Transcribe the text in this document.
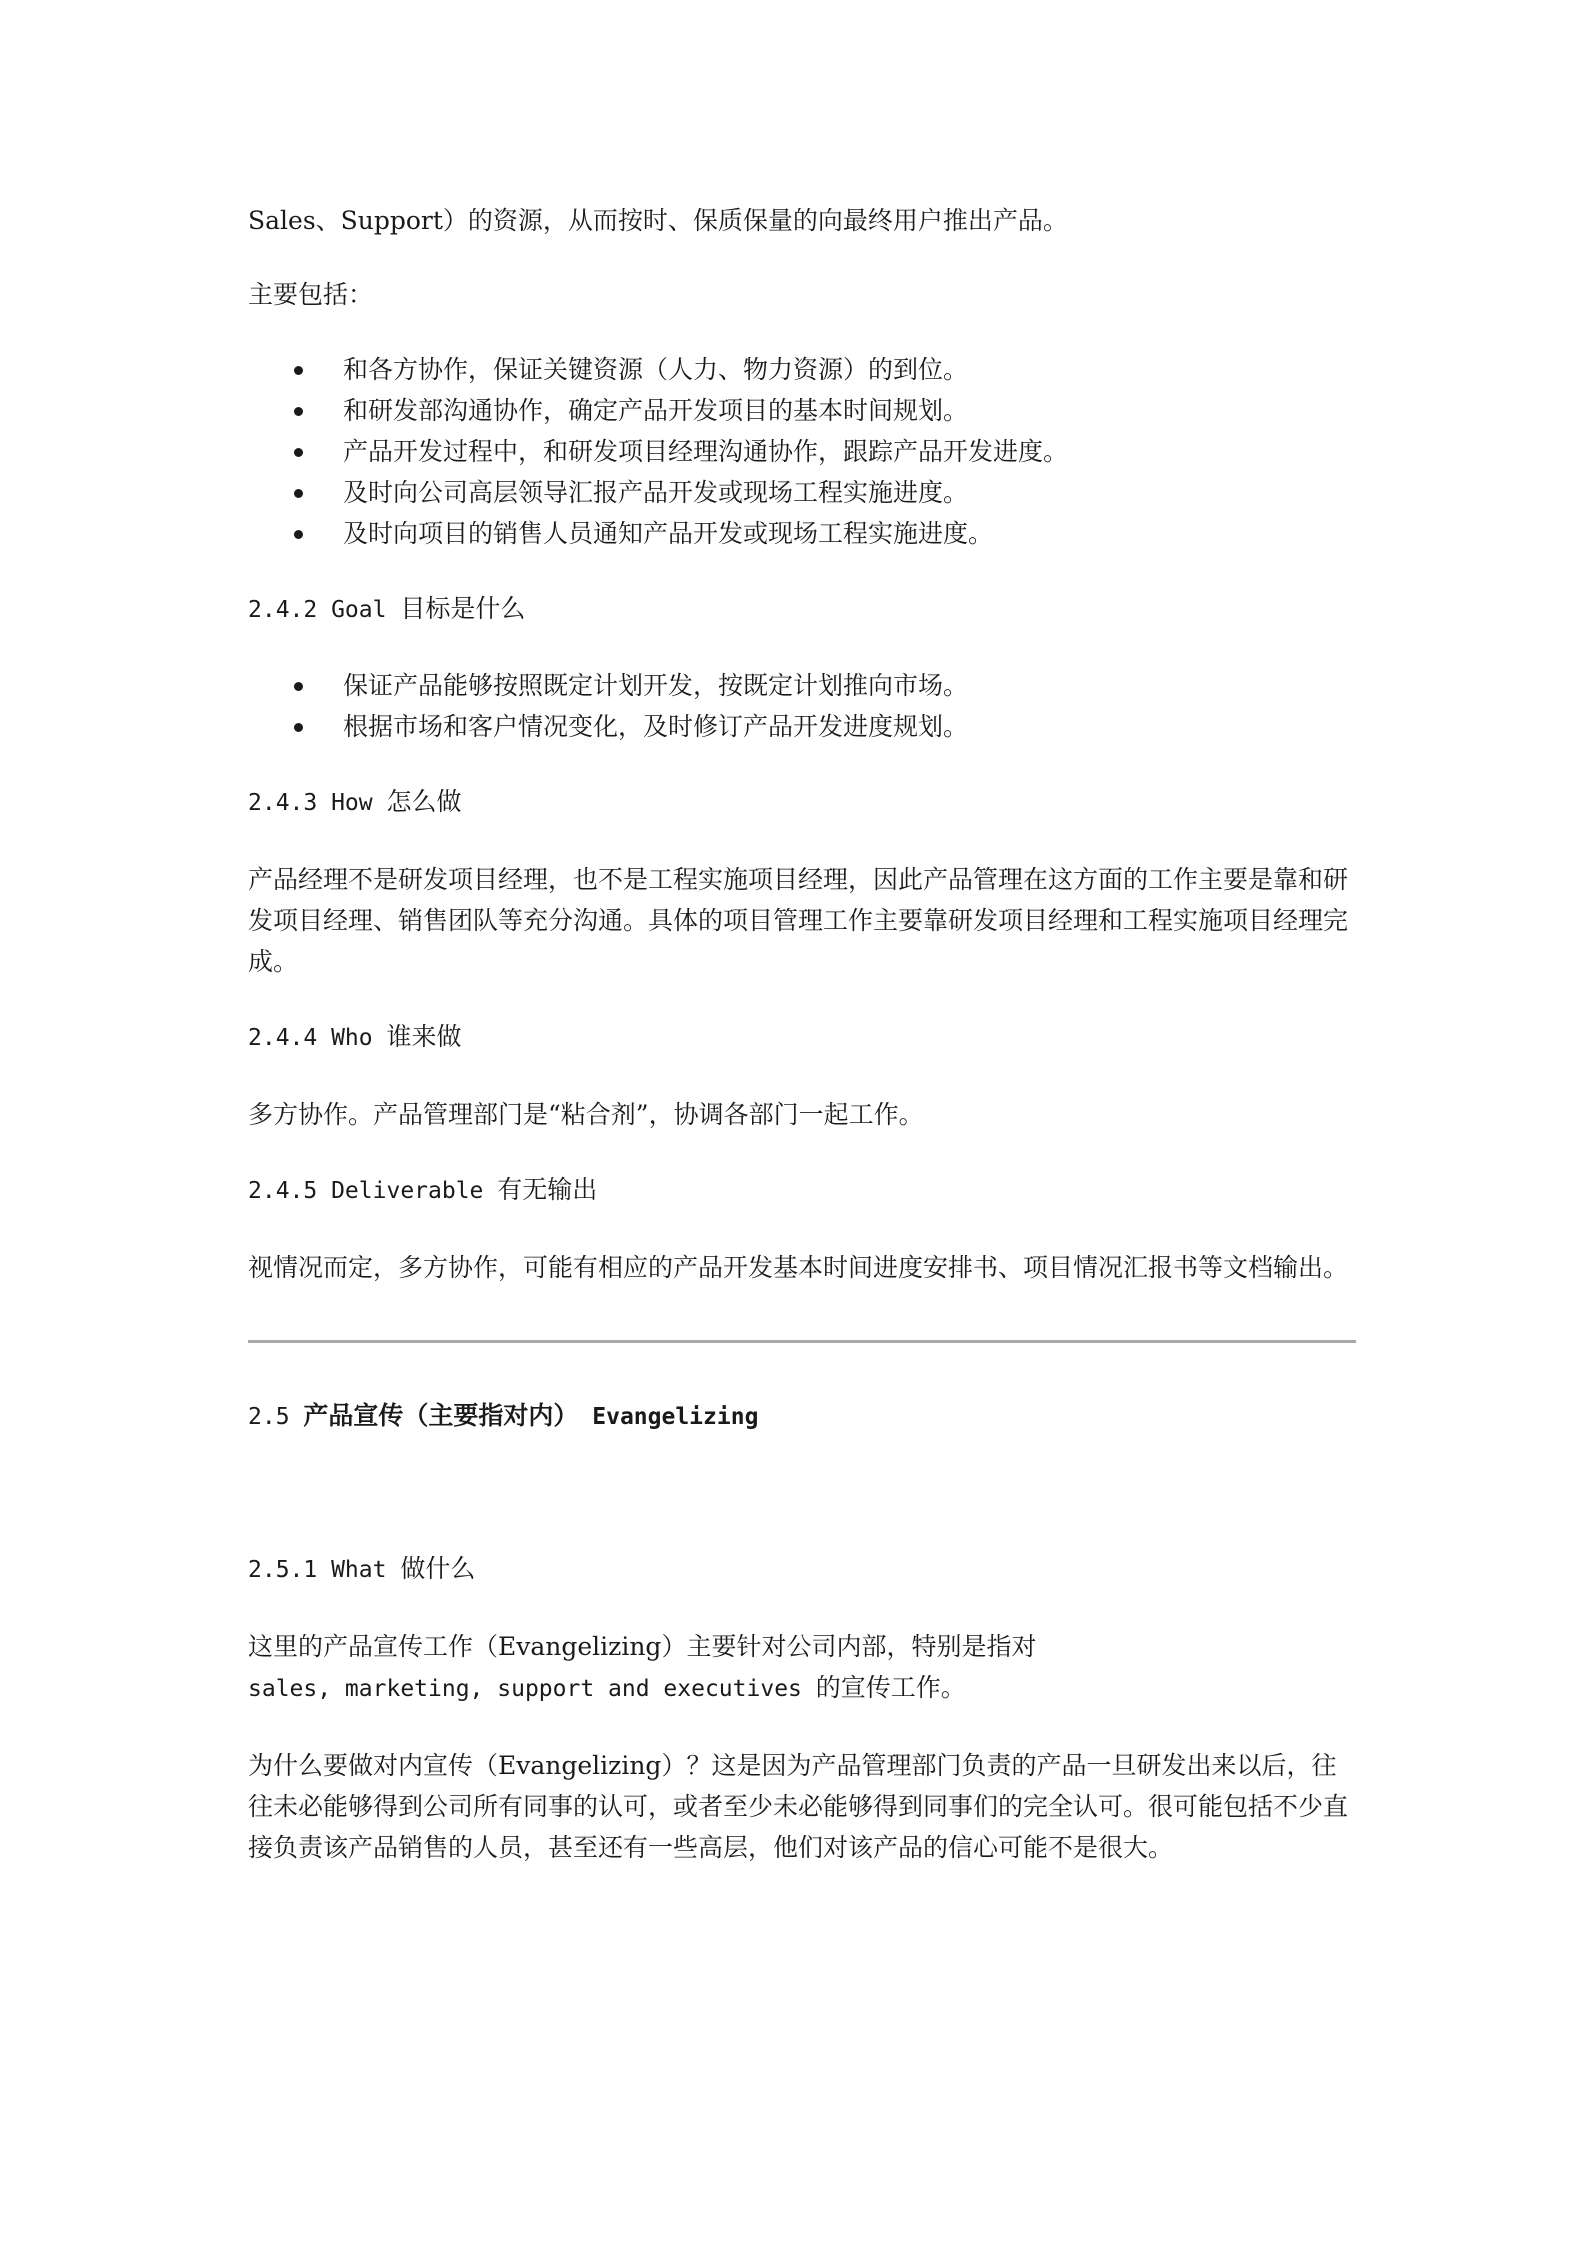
Sales、Support）的资源，从而按时、保质保量的向最终用户推出产品。

主要包括：

和各方协作，保证关键资源（人力、物力资源）的到位。
和研发部沟通协作，确定产品开发项目的基本时间规划。
产品开发过程中，和研发项目经理沟通协作，跟踪产品开发进度。
及时向公司高层领导汇报产品开发或现场工程实施进度。
及时向项目的销售人员通知产品开发或现场工程实施进度。

2.4.2 Goal 目标是什么

保证产品能够按照既定计划开发，按既定计划推向市场。
根据市场和客户情况变化，及时修订产品开发进度规划。

2.4.3 How 怎么做

产品经理不是研发项目经理，也不是工程实施项目经理，因此产品管理在这方面的工作主要是靠和研发项目经理、销售团队等充分沟通。具体的项目管理工作主要靠研发项目经理和工程实施项目经理完成。

2.4.4 Who 谁来做

多方协作。产品管理部门是“粘合剂”，协调各部门一起工作。

2.4.5 Deliverable 有无输出

视情况而定，多方协作，可能有相应的产品开发基本时间进度安排书、项目情况汇报书等文档输出。

2.5 产品宣传（主要指对内） Evangelizing

2.5.1 What 做什么

这里的产品宣传工作（Evangelizing）主要针对公司内部，特别是指对
sales, marketing, support and executives 的宣传工作。

为什么要做对内宣传（Evangelizing）？这是因为产品管理部门负责的产品一旦研发出来以后，往往未必能够得到公司所有同事的认可，或者至少未必能够得到同事们的完全认可。很可能包括不少直接负责该产品销售的人员，甚至还有一些高层，他们对该产品的信心可能不是很大。
